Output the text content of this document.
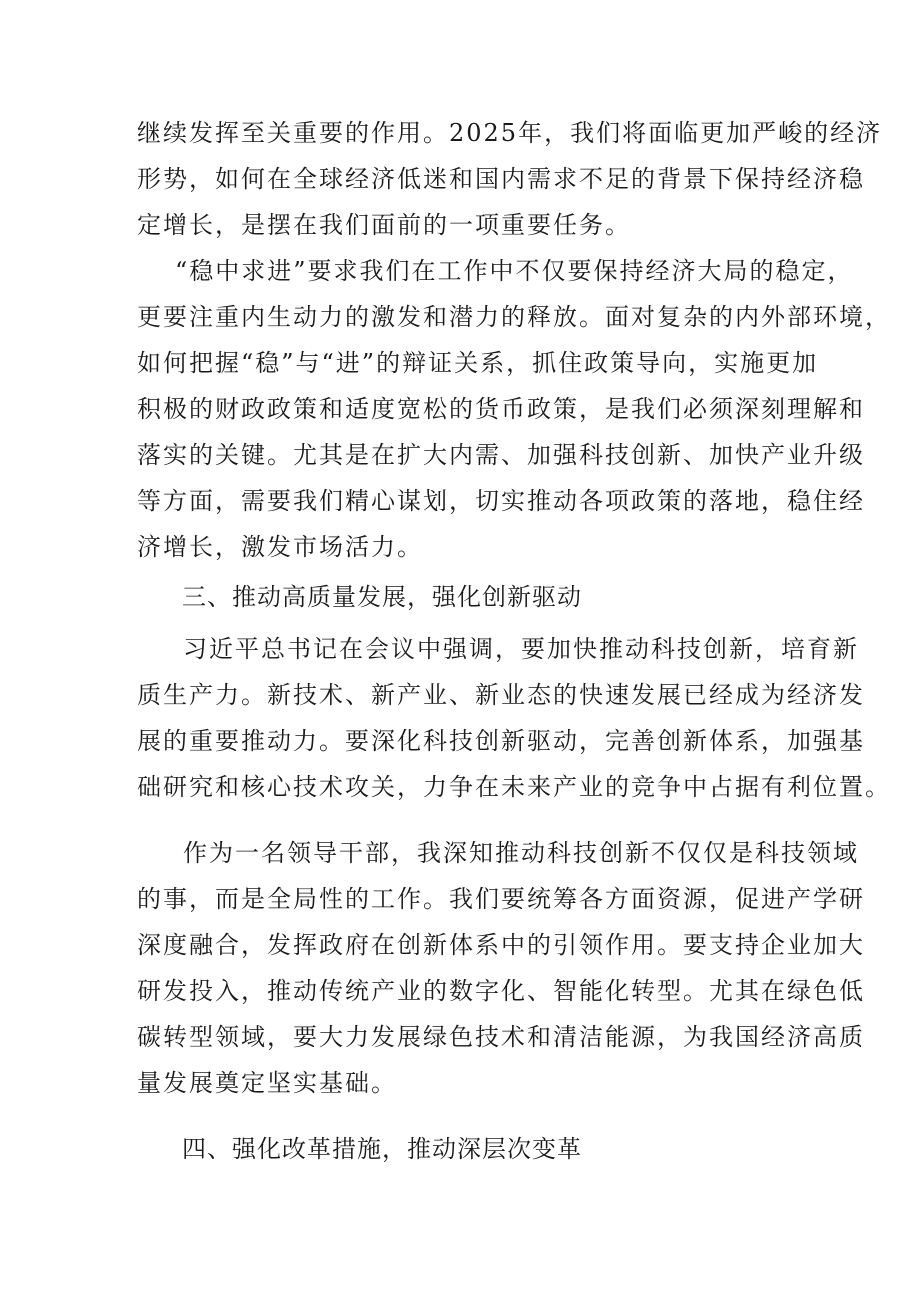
继续发挥至关重要的作用。2025年，我们将面临更加严峻的经济
形势，如何在全球经济低迷和国内需求不足的背景下保持经济稳
定增长，是摆在我们面前的一项重要任务。
“稳中求进”要求我们在工作中不仅要保持经济大局的稳定，
更要注重内生动力的激发和潜力的释放。面对复杂的内外部环境，
如何把握“稳”与“进”的辩证关系，抓住政策导向，实施更加
积极的财政政策和适度宽松的货币政策，是我们必须深刻理解和
落实的关键。尤其是在扩大内需、加强科技创新、加快产业升级
等方面，需要我们精心谋划，切实推动各项政策的落地，稳住经
济增长，激发市场活力。
三、推动高质量发展，强化创新驱动
习近平总书记在会议中强调，要加快推动科技创新，培育新
质生产力。新技术、新产业、新业态的快速发展已经成为经济发
展的重要推动力。要深化科技创新驱动，完善创新体系，加强基
础研究和核心技术攻关，力争在未来产业的竞争中占据有利位置。
作为一名领导干部，我深知推动科技创新不仅仅是科技领域
的事，而是全局性的工作。我们要统筹各方面资源，促进产学研
深度融合，发挥政府在创新体系中的引领作用。要支持企业加大
研发投入，推动传统产业的数字化、智能化转型。尤其在绿色低
碳转型领域，要大力发展绿色技术和清洁能源，为我国经济高质
量发展奠定坚实基础。
四、强化改革措施，推动深层次变革
